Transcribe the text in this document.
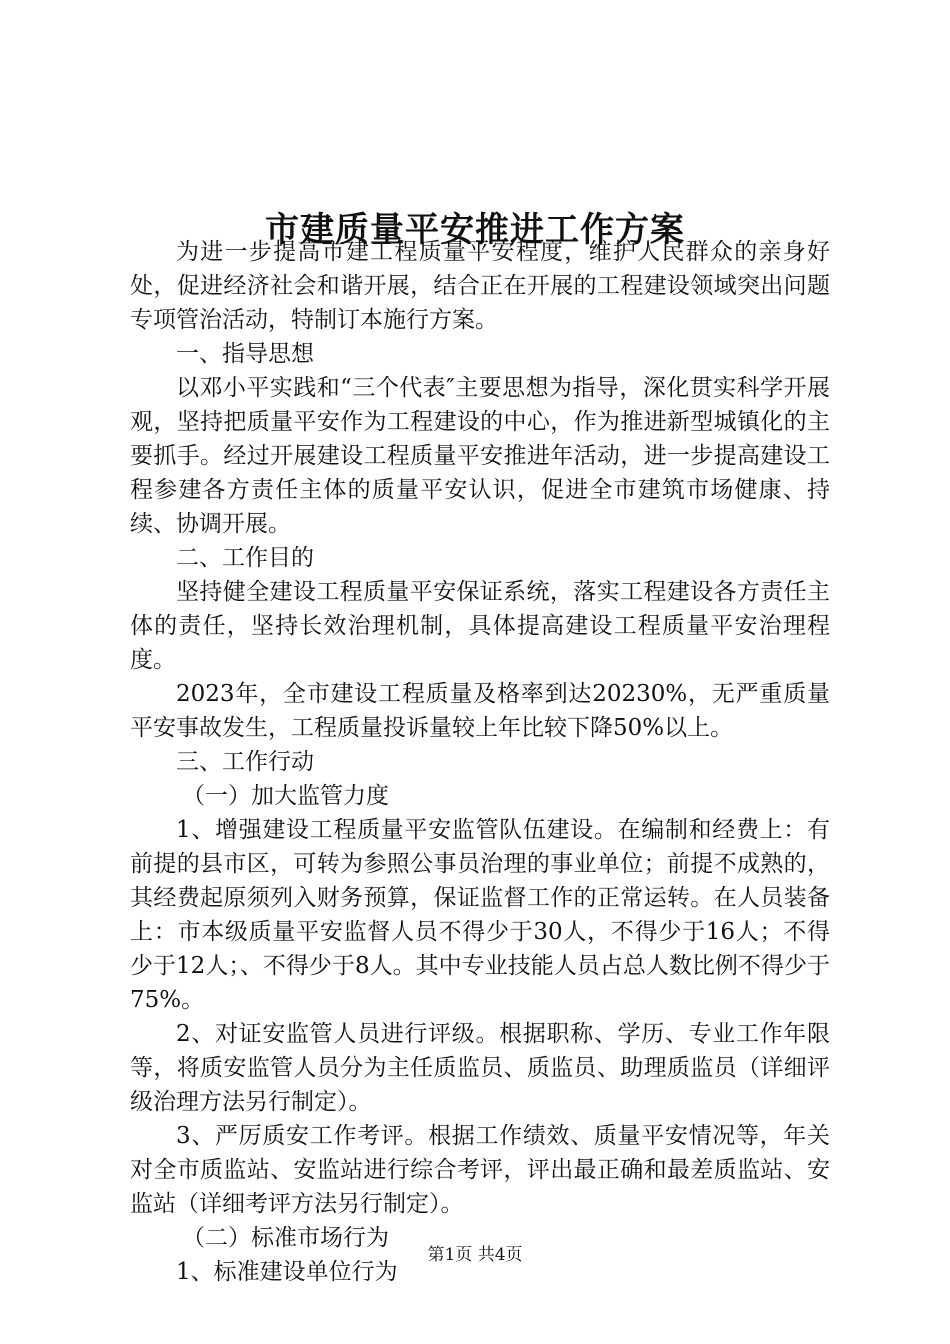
市建质量平安推进工作方案

为进一步提高市建工程质量平安程度，维护人民群众的亲身好处，促进经济社会和谐开展，结合正在开展的工程建设领域突出问题专项管治活动，特制订本施行方案。

一、指导思想

以邓小平实践和“三个代表″主要思想为指导，深化贯实科学开展观，坚持把质量平安作为工程建设的中心，作为推进新型城镇化的主要抓手。经过开展建设工程质量平安推进年活动，进一步提高建设工程参建各方责任主体的质量平安认识，促进全市建筑市场健康、持续、协调开展。

二、工作目的

坚持健全建设工程质量平安保证系统，落实工程建设各方责任主体的责任，坚持长效治理机制，具体提高建设工程质量平安治理程度。

2023年，全市建设工程质量及格率到达20230%，无严重质量平安事故发生，工程质量投诉量较上年比较下降50%以上。

三、工作行动

（一）加大监管力度

1、增强建设工程质量平安监管队伍建设。在编制和经费上：有前提的县市区，可转为参照公事员治理的事业单位；前提不成熟的，其经费起原须列入财务预算，保证监督工作的正常运转。在人员装备上：市本级质量平安监督人员不得少于30人，不得少于16人；不得少于12人；、不得少于8人。其中专业技能人员占总人数比例不得少于75%。

2、对证安监管人员进行评级。根据职称、学历、专业工作年限等，将质安监管人员分为主任质监员、质监员、助理质监员（详细评级治理方法另行制定）。

3、严厉质安工作考评。根据工作绩效、质量平安情况等，年关对全市质监站、安监站进行综合考评，评出最正确和最差质监站、安监站（详细考评方法另行制定）。

（二）标准市场行为

1、标准建设单位行为

第1页 共4页
